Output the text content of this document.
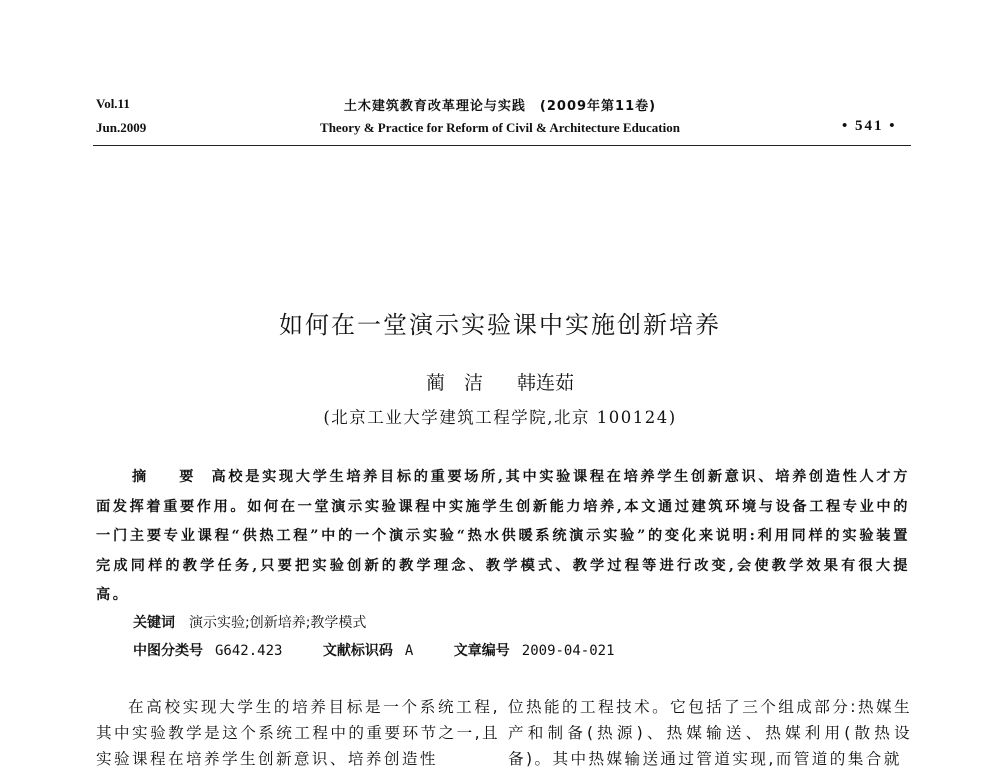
Vol.11
Jun.2009
土木建筑教育改革理论与实践　(2009年第11卷)
Theory & Practice for Reform of Civil & Architecture Education	• 541 •
如何在一堂演示实验课中实施创新培养
蔺　洁 韩连茹
(北京工业大学建筑工程学院,北京 100124)
摘 要 高校是实现大学生培养目标的重要场所,其中实验课程在培养学生创新意识、培养创造性人才方面发挥着重要作用。如何在一堂演示实验课程中实施学生创新能力培养,本文通过建筑环境与设备工程专业中的一门主要专业课程“供热工程”中的一个演示实验“热水供暖系统演示实验”的变化来说明:利用同样的实验装置完成同样的教学任务,只要把实验创新的教学理念、教学模式、教学过程等进行改变,会使教学效果有很大提高。
关键词 演示实验;创新培养;教学模式
中图分类号 G642.423	文献标识码 A	文章编号 2009-04-021
在高校实现大学生的培养目标是一个系统工程,其中实验教学是这个系统工程中的重要环节之一,且实验课程在培养学生创新意识、培养创造性
位热能的工程技术。它包括了三个组成部分:热媒生产和制备(热源)、热媒输送、热媒利用(散热设备)。其中热媒输送通过管道实现,而管道的集合就
